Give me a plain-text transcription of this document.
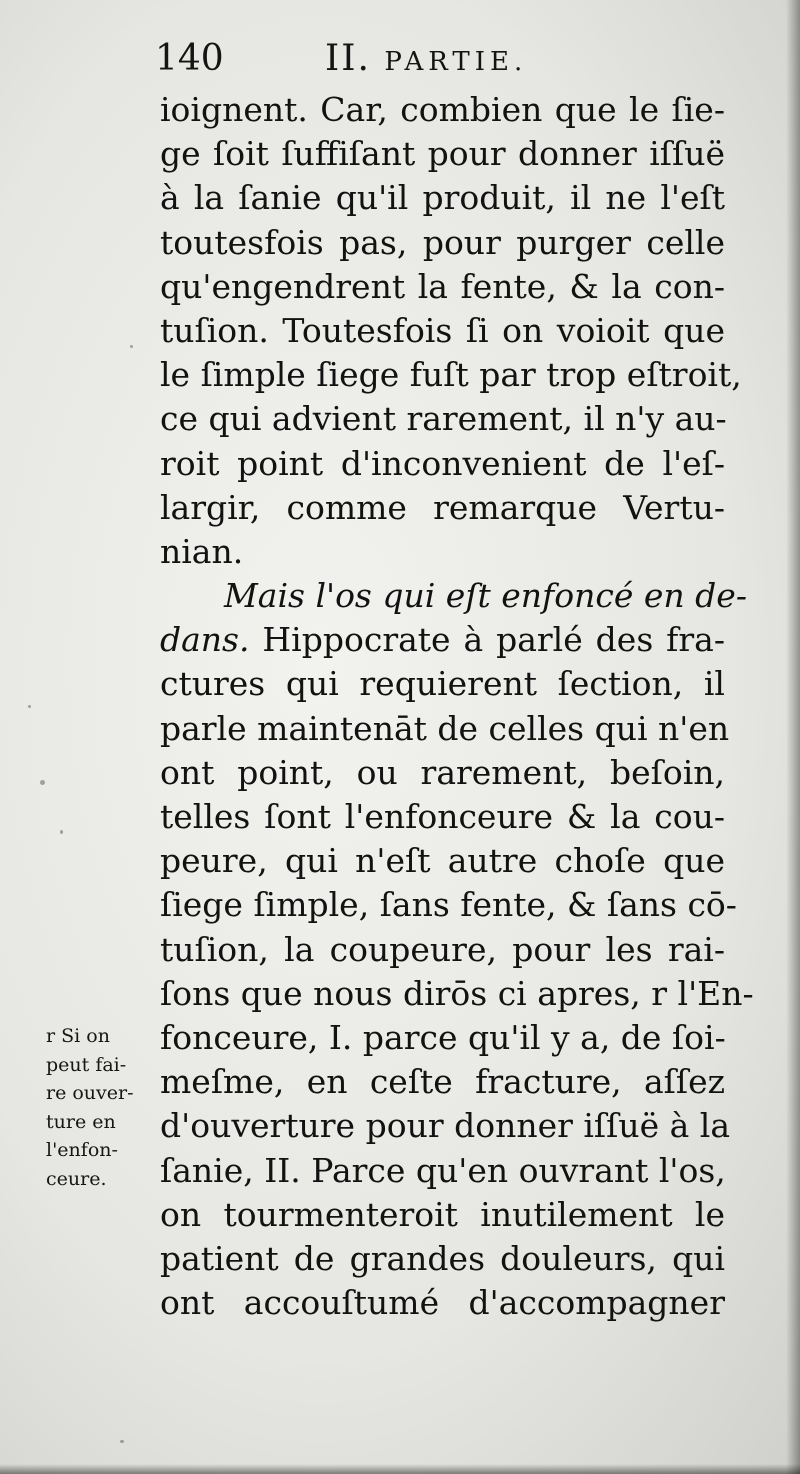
140	II. PARTIE.
ioignent. Car, combien que le ſie-
ge ſoit ſuffiſant pour donner iſſuë
à la ſanie qu'il produit, il ne l'eſt
toutesfois pas, pour purger celle
qu'engendrent la fente, & la con-
tuſion. Toutesfois ſi on voioit que
le ſimple ſiege fuſt par trop eſtroit,
ce qui advient rarement, il n'y au-
roit point d'inconvenient de l'eſ-
largir, comme remarque Vertu-
nian.
Mais l'os qui eſt enfoncé en de-
dans. Hippocrate à parlé des fra-
ctures qui requierent ſection, il
parle maintenāt de celles qui n'en
ont point, ou rarement, beſoin,
telles ſont l'enfonceure & la cou-
peure, qui n'eſt autre choſe que
ſiege ſimple, ſans fente, & ſans cō-
tuſion, la coupeure, pour les rai-
ſons que nous dirōs ci apres, r l'En-
fonceure, I. parce qu'il y a, de ſoi-
meſme, en ceſte fracture, aſſez
d'ouverture pour donner iſſuë à la
ſanie, II. Parce qu'en ouvrant l'os,
on tourmenteroit inutilement le
patient de grandes douleurs, qui
ont accouſtumé d'accompagner
r Si on
peut fai-
re ouver-
ture en
l'enfon-
ceure.
